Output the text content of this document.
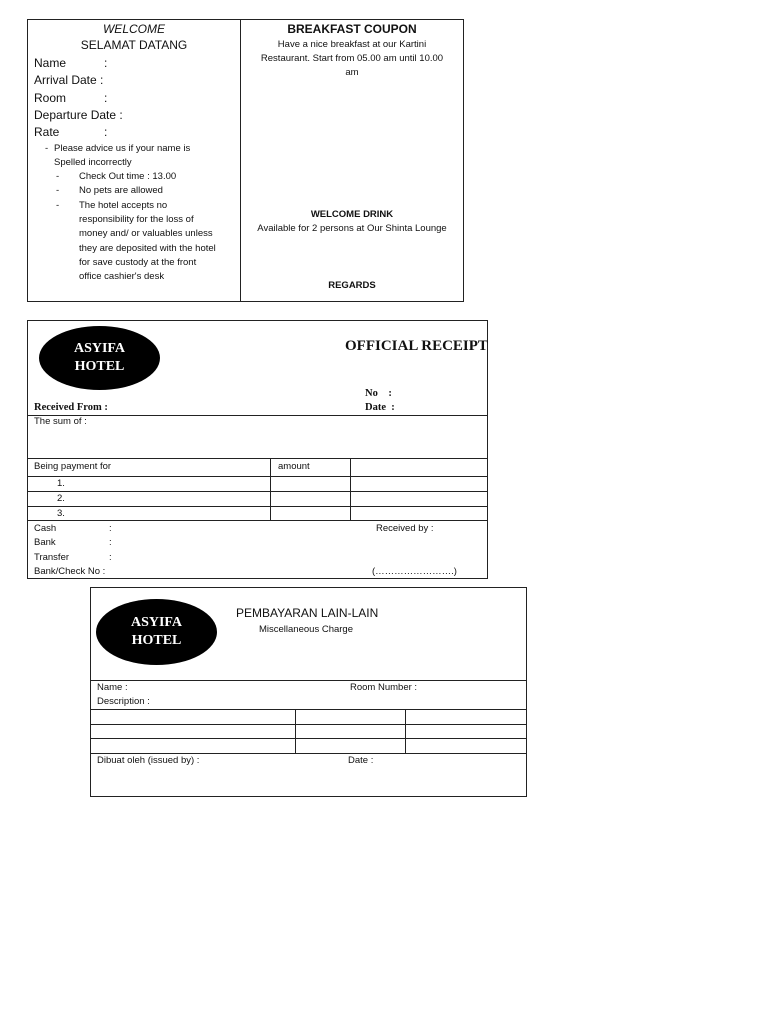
WELCOME
SELAMAT DATANG
Name	:
Arrival Date :
Room	:
Departure Date :
Rate	:
- Please advice us if your name is
Spelled incorrectly
- Check Out time : 13.00
- No pets are allowed
- The hotel accepts no
responsibility for the loss of
money and/ or valuables unless
they are deposited with the hotel
for save custody at the front
office cashier's desk
BREAKFAST COUPON
Have a nice breakfast at our Kartini
Restaurant. Start from 05.00 am until 10.00
am
WELCOME DRINK
Available for 2 persons at Our Shinta Lounge
REGARDS
ASYIFA
HOTEL
OFFICIAL RECEIPT
No    :
Date  :
Received From :
The sum of :
Being payment for	amount
1.
2.
3.
Cash	:
Bank	:
Transfer	:
Bank/Check No :
Received by :
(…………………….)
ASYIFA
HOTEL
PEMBAYARAN LAIN-LAIN
Miscellaneous Charge
Name :	Room Number :
Description :
Dibuat oleh (issued by) :	Date :
